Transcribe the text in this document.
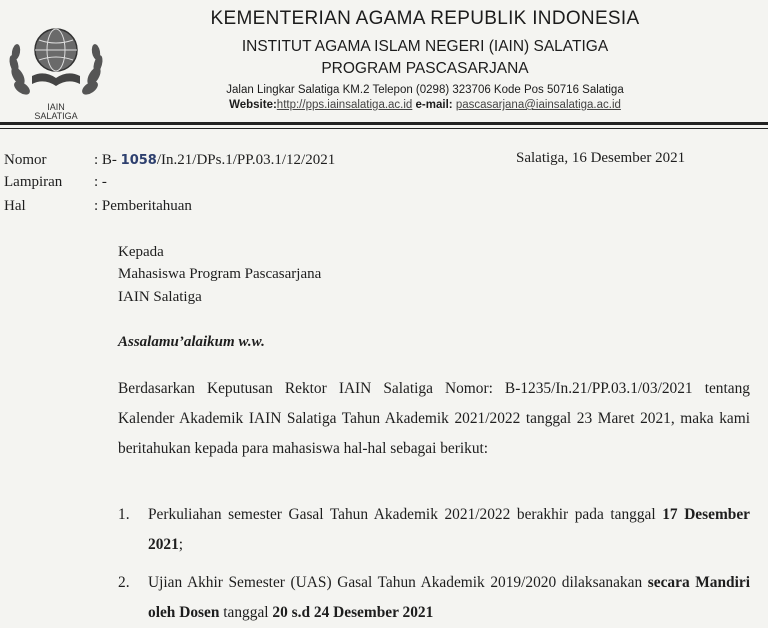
IAIN
SALATIGA
KEMENTERIAN AGAMA REPUBLIK INDONESIA
INSTITUT AGAMA ISLAM NEGERI (IAIN) SALATIGA
PROGRAM PASCASARJANA
Jalan Lingkar Salatiga KM.2 Telepon (0298) 323706 Kode Pos 50716 Salatiga
Website:http://pps.iainsalatiga.ac.id e-mail: pascasarjana@iainsalatiga.ac.id
Nomor	: B- 1058/In.21/DPs.1/PP.03.1/12/2021	Salatiga, 16 Desember 2021
Lampiran : -
Hal	: Pemberitahuan
Kepada
Mahasiswa Program Pascasarjana
IAIN Salatiga
Assalamu’alaikum w.w.
Berdasarkan Keputusan Rektor IAIN Salatiga Nomor: B-1235/In.21/PP.03.1/03/2021 tentang Kalender Akademik IAIN Salatiga Tahun Akademik 2021/2022 tanggal 23 Maret 2021, maka kami beritahukan kepada para mahasiswa hal-hal sebagai berikut:
1. Perkuliahan semester Gasal Tahun Akademik 2021/2022 berakhir pada tanggal 17 Desember 2021;
2. Ujian Akhir Semester (UAS) Gasal Tahun Akademik 2019/2020 dilaksanakan secara Mandiri oleh Dosen tanggal 20 s.d 24 Desember 2021
